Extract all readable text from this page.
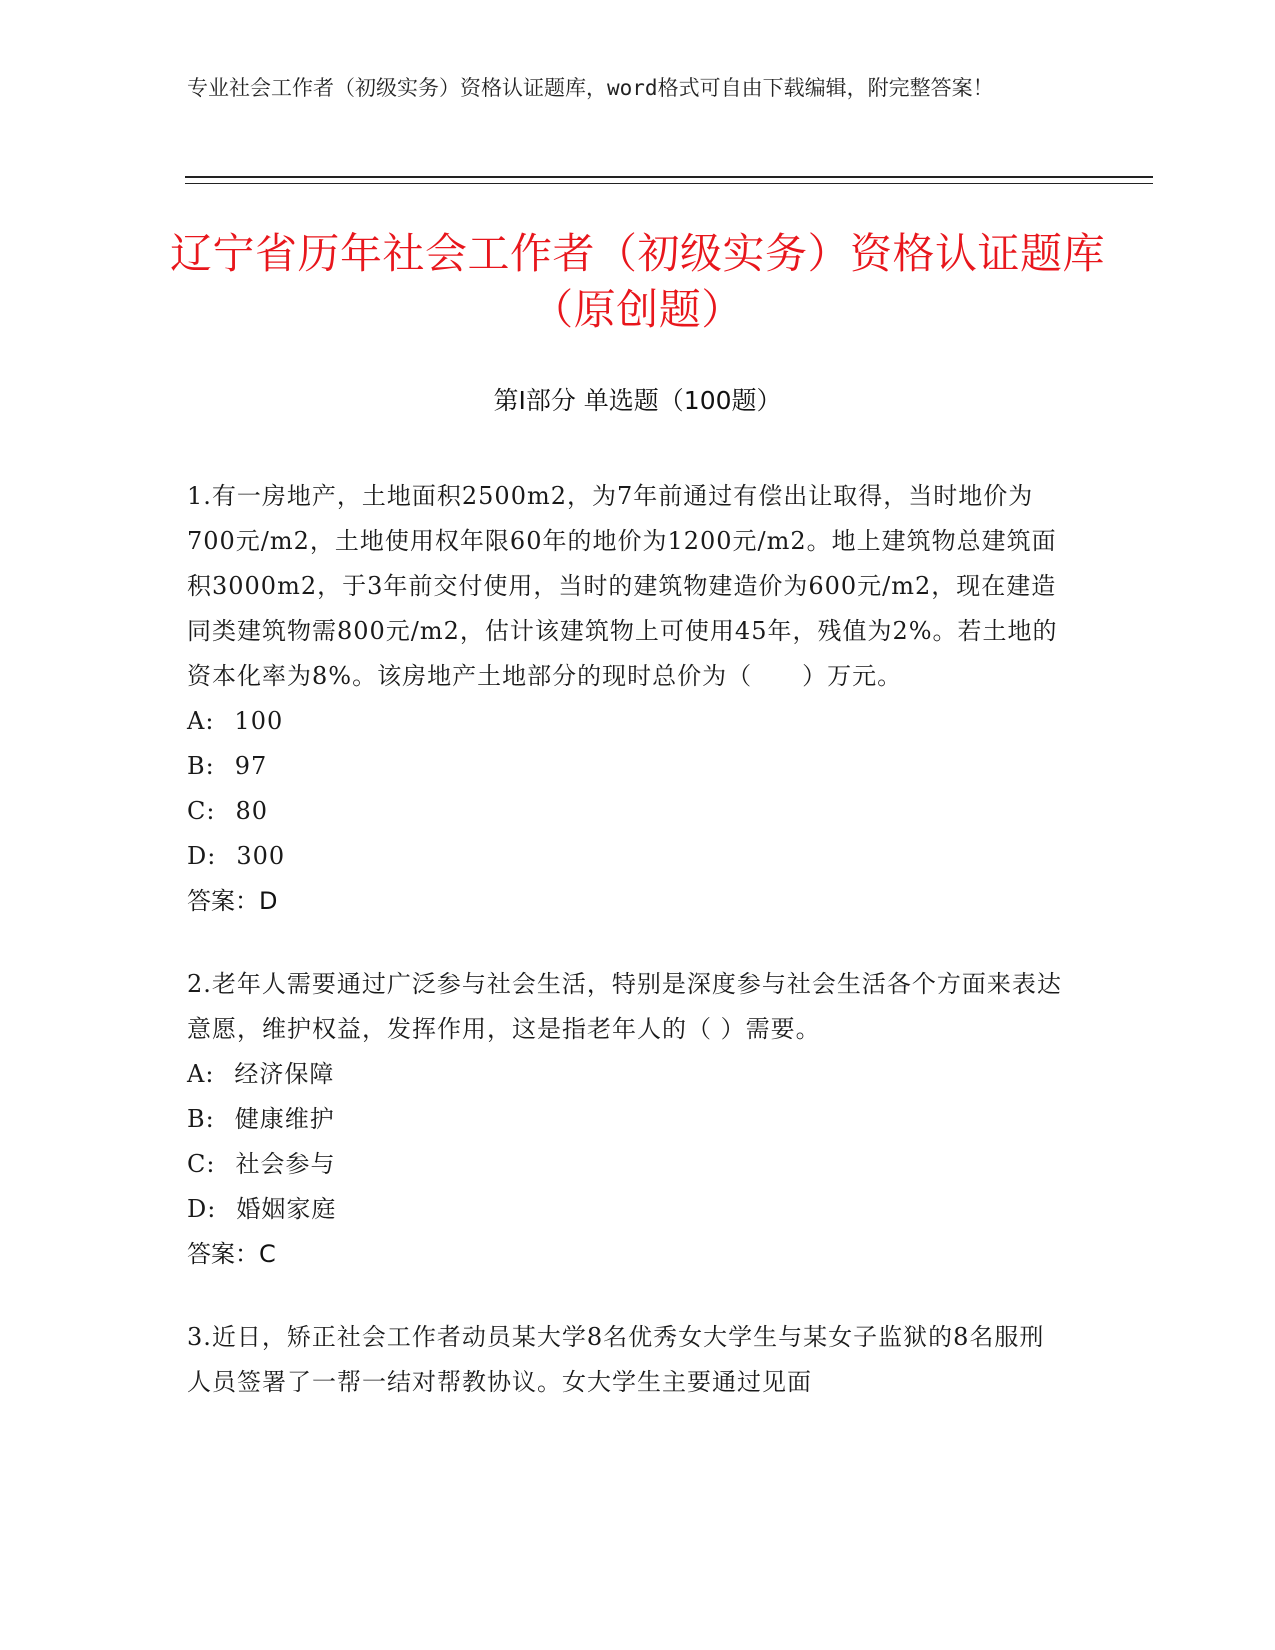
专业社会工作者（初级实务）资格认证题库，word格式可自由下载编辑，附完整答案！
辽宁省历年社会工作者（初级实务）资格认证题库（原创题）
第Ⅰ部分 单选题（100题）
1.有一房地产，土地面积2500m2，为7年前通过有偿出让取得，当时地价为700元/m2，土地使用权年限60年的地价为1200元/m2。地上建筑物总建筑面积3000m2，于3年前交付使用，当时的建筑物建造价为600元/m2，现在建造同类建筑物需800元/m2，估计该建筑物上可使用45年，残值为2%。若土地的资本化率为8%。该房地产土地部分的现时总价为（　　）万元。
A: 100
B: 97
C: 80
D: 300
答案：D
2.老年人需要通过广泛参与社会生活，特别是深度参与社会生活各个方面来表达意愿，维护权益，发挥作用，这是指老年人的（ ）需要。
A: 经济保障
B: 健康维护
C: 社会参与
D: 婚姻家庭
答案：C
3.近日，矫正社会工作者动员某大学8名优秀女大学生与某女子监狱的8名服刑人员签署了一帮一结对帮教协议。女大学生主要通过见面
